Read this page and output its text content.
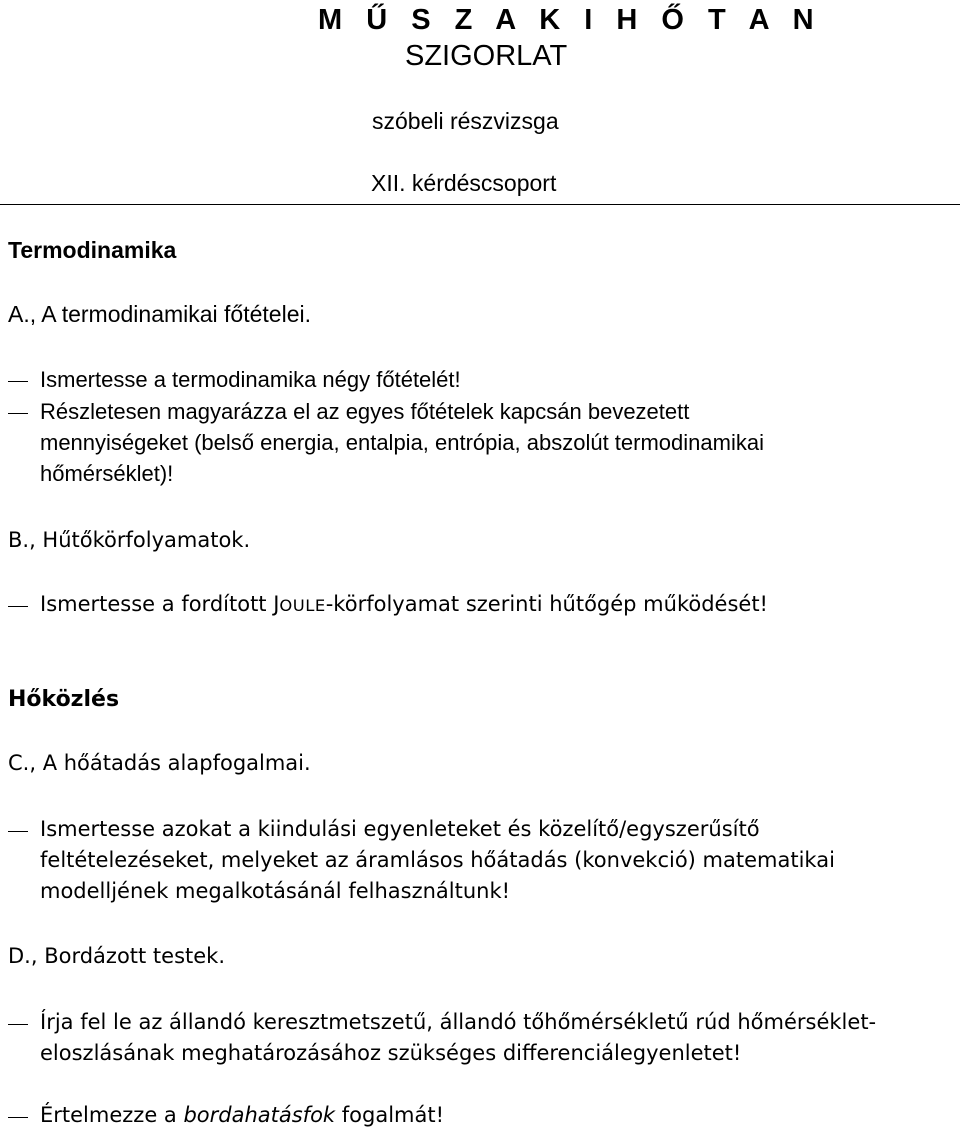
M Ű S Z A K I H Ő T A N
SZIGORLAT
szóbeli részvizsga
XII. kérdéscsoport
Termodinamika
A., A termodinamikai főtételei.
Ismertesse a termodinamika négy főtételét!
Részletesen magyarázza el az egyes főtételek kapcsán bevezetett mennyiségeket (belső energia, entalpia, entrópia, abszolút termodinamikai hőmérséklet)!
B., Hűtőkörfolyamatok.
Ismertesse a fordított JOULE-körfolyamat szerinti hűtőgép működését!
Hőközlés
C., A hőátadás alapfogalmai.
Ismertesse azokat a kiindulási egyenleteket és közelítő/egyszerűsítő feltételezéseket, melyeket az áramlásos hőátadás (konvekció) matematikai modelljének megalkotásánál felhasználtunk!
D., Bordázott testek.
Írja fel le az állandó keresztmetszetű, állandó tőhőmérsékletű rúd hőmérséklet-eloszlásának meghatározásához szükséges differenciálegyenletet!
Értelmezze a bordahatásfok fogalmát!
